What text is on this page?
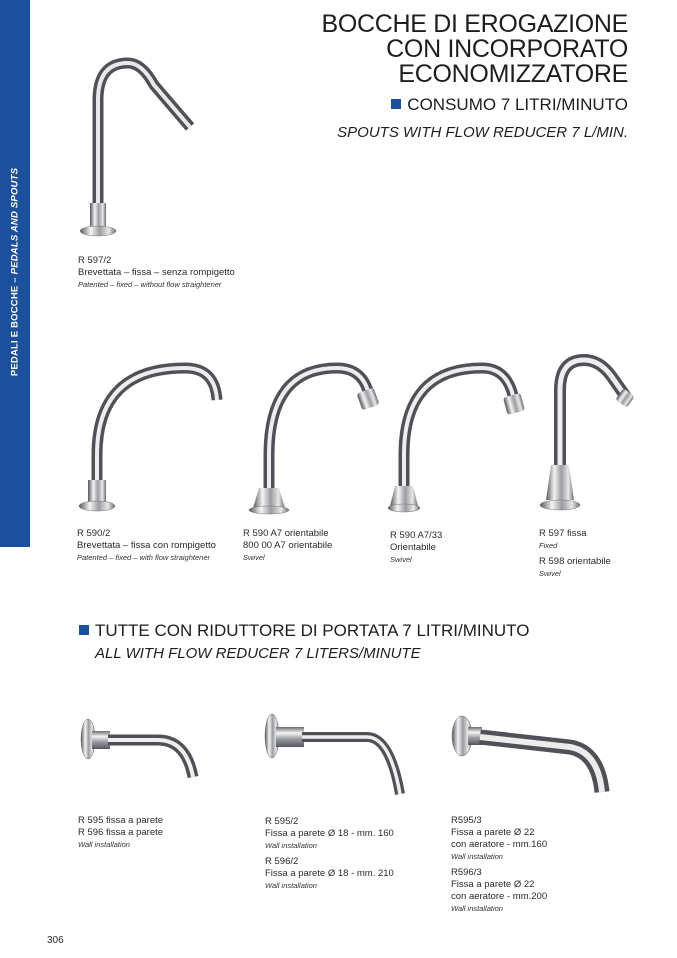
PEDALI E BOCCHE – PEDALS AND SPOUTS
BOCCHE DI EROGAZIONE
CON INCORPORATO
ECONOMIZZATORE
CONSUMO 7 LITRI/MINUTO
SPOUTS WITH FLOW REDUCER 7 L/MIN.
R 597/2
Brevettata – fissa – senza rompigetto
Patented – fixed – without flow straightener
R 590/2
Brevettata – fissa con rompigetto
Patented – fixed – with flow straightener
R 590 A7 orientabile
800 00 A7 orientabile
Swivel
R 590 A7/33
Orientabile
Swivel
R 597 fissa
Fixed
R 598 orientabile
Swivel
TUTTE CON RIDUTTORE DI PORTATA 7 LITRI/MINUTO
ALL WITH FLOW REDUCER 7 LITERS/MINUTE
R 595 fissa a parete
R 596 fissa a parete
Wall installation
R 595/2
Fissa a parete Ø 18 - mm. 160
Wall installation
R 596/2
Fissa a parete Ø 18 - mm. 210
Wall installation
R595/3
Fissa a parete Ø 22
con aeratore - mm.160
Wall installation
R596/3
Fissa a parete Ø 22
con aeratore - mm.200
Wall installation
306
